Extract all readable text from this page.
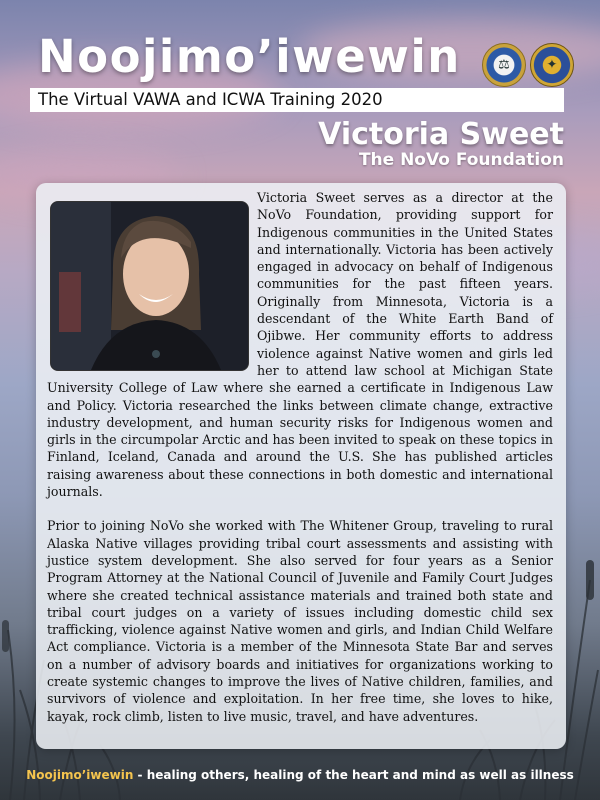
Noojimo’iwewin
The Virtual VAWA and ICWA Training 2020
⚖	✦
Victoria Sweet
The NoVo Foundation

Victoria Sweet serves as a director at the NoVo Foundation, providing support for Indigenous communities in the United States and internationally. Victoria has been actively engaged in advocacy on behalf of Indigenous communities for the past fifteen years. Originally from Minnesota, Victoria is a descendant of the White Earth Band of Ojibwe. Her community efforts to address violence against Native women and girls led her to attend law school at Michigan State University College of Law where she earned a certificate in Indigenous Law and Policy. Victoria researched the links between climate change, extractive industry development, and human security risks for Indigenous women and girls in the circumpolar Arctic and has been invited to speak on these topics in Finland, Iceland, Canada and around the U.S. She has published articles raising awareness about these connections in both domestic and international journals.

Prior to joining NoVo she worked with The Whitener Group, traveling to rural Alaska Native villages providing tribal court assessments and assisting with justice system development. She also served for four years as a Senior Program Attorney at the National Council of Juvenile and Family Court Judges where she created technical assistance materials and trained both state and tribal court judges on a variety of issues including domestic child sex trafficking, violence against Native women and girls, and Indian Child Welfare Act compliance. Victoria is a member of the Minnesota State Bar and serves on a number of advisory boards and initiatives for organizations working to create systemic changes to improve the lives of Native children, families, and survivors of violence and exploitation. In her free time, she loves to hike, kayak, rock climb, listen to live music, travel, and have adventures.

Noojimo’iwewin - healing others, healing of the heart and mind as well as illness
